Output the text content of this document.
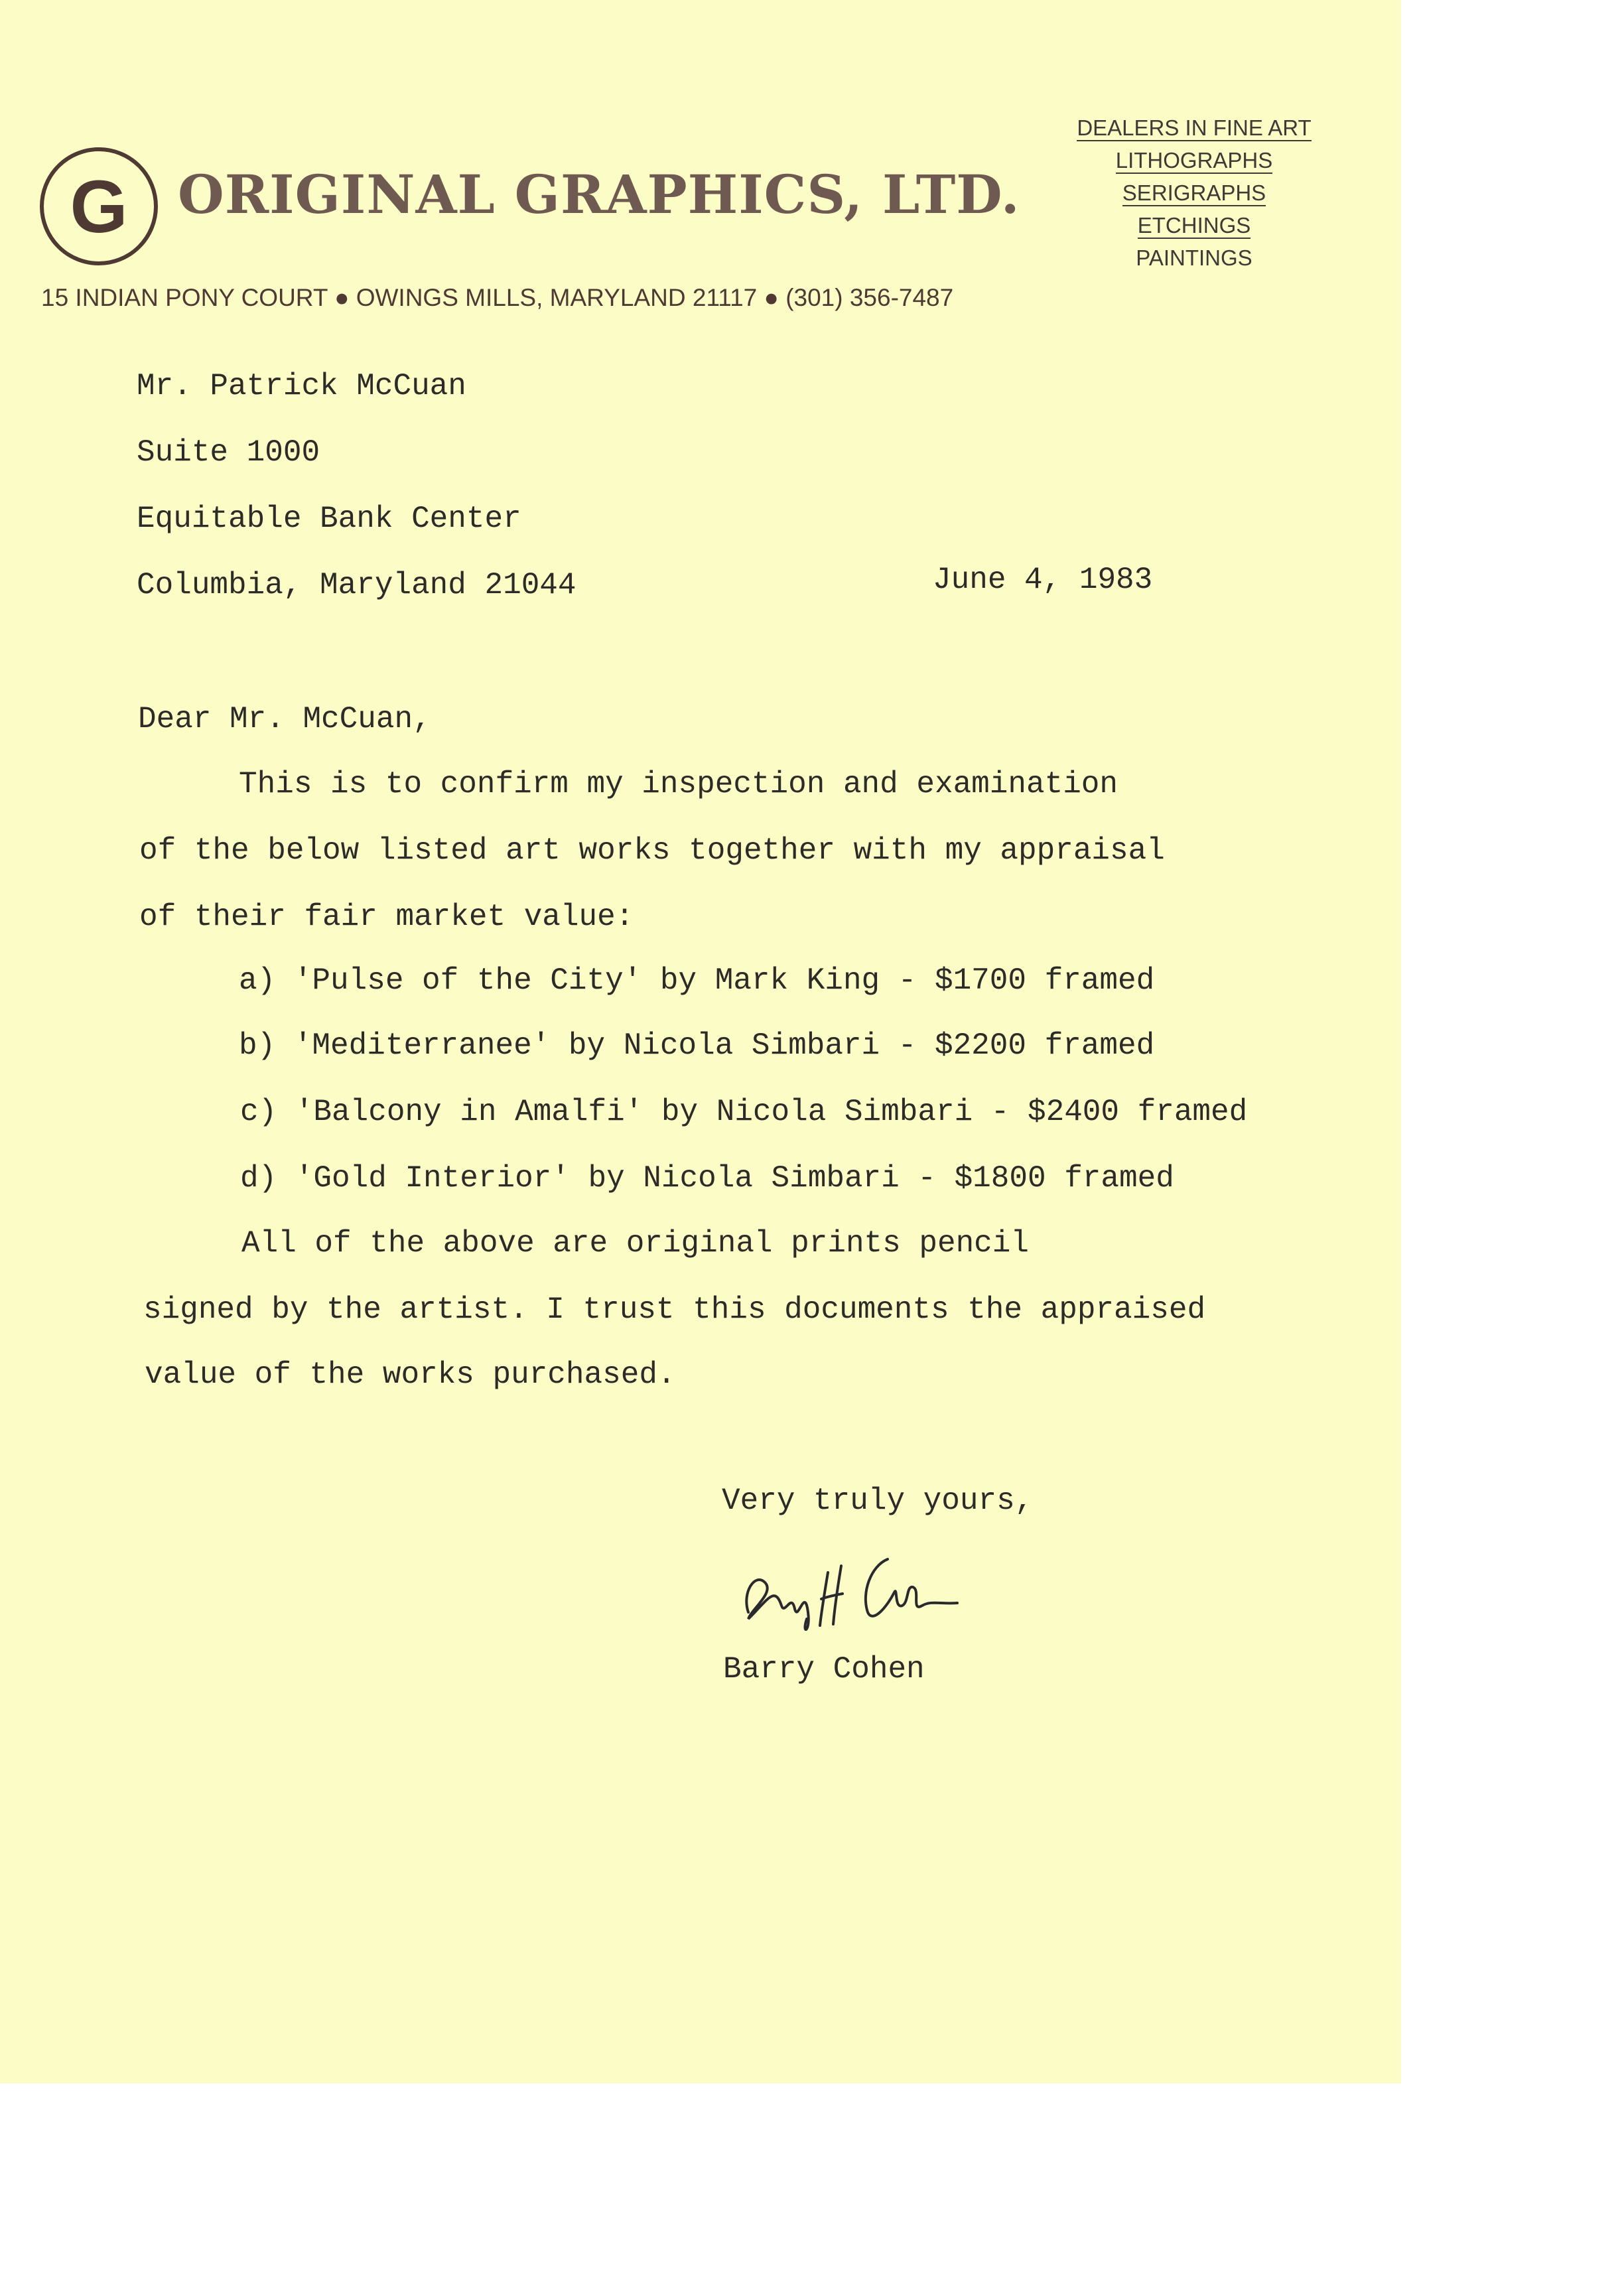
G ORIGINAL GRAPHICS, LTD.
15 INDIAN PONY COURT ● OWINGS MILLS, MARYLAND 21117 ● (301) 356-7487
DEALERS IN FINE ART
LITHOGRAPHS
SERIGRAPHS
ETCHINGS
PAINTINGS
Mr. Patrick McCuan
Suite 1000
Equitable Bank Center
Columbia, Maryland 21044	June 4, 1983
Dear Mr. McCuan,
This is to confirm my inspection and examination
of the below listed art works together with my appraisal
of their fair market value:
a) 'Pulse of the City' by Mark King - $1700 framed
b) 'Mediterranee' by Nicola Simbari - $2200 framed
c) 'Balcony in Amalfi' by Nicola Simbari - $2400 framed
d) 'Gold Interior' by Nicola Simbari - $1800 framed
All of the above are original prints pencil
signed by the artist. I trust this documents the appraised
value of the works purchased.
Very truly yours,
Barry Cohen
